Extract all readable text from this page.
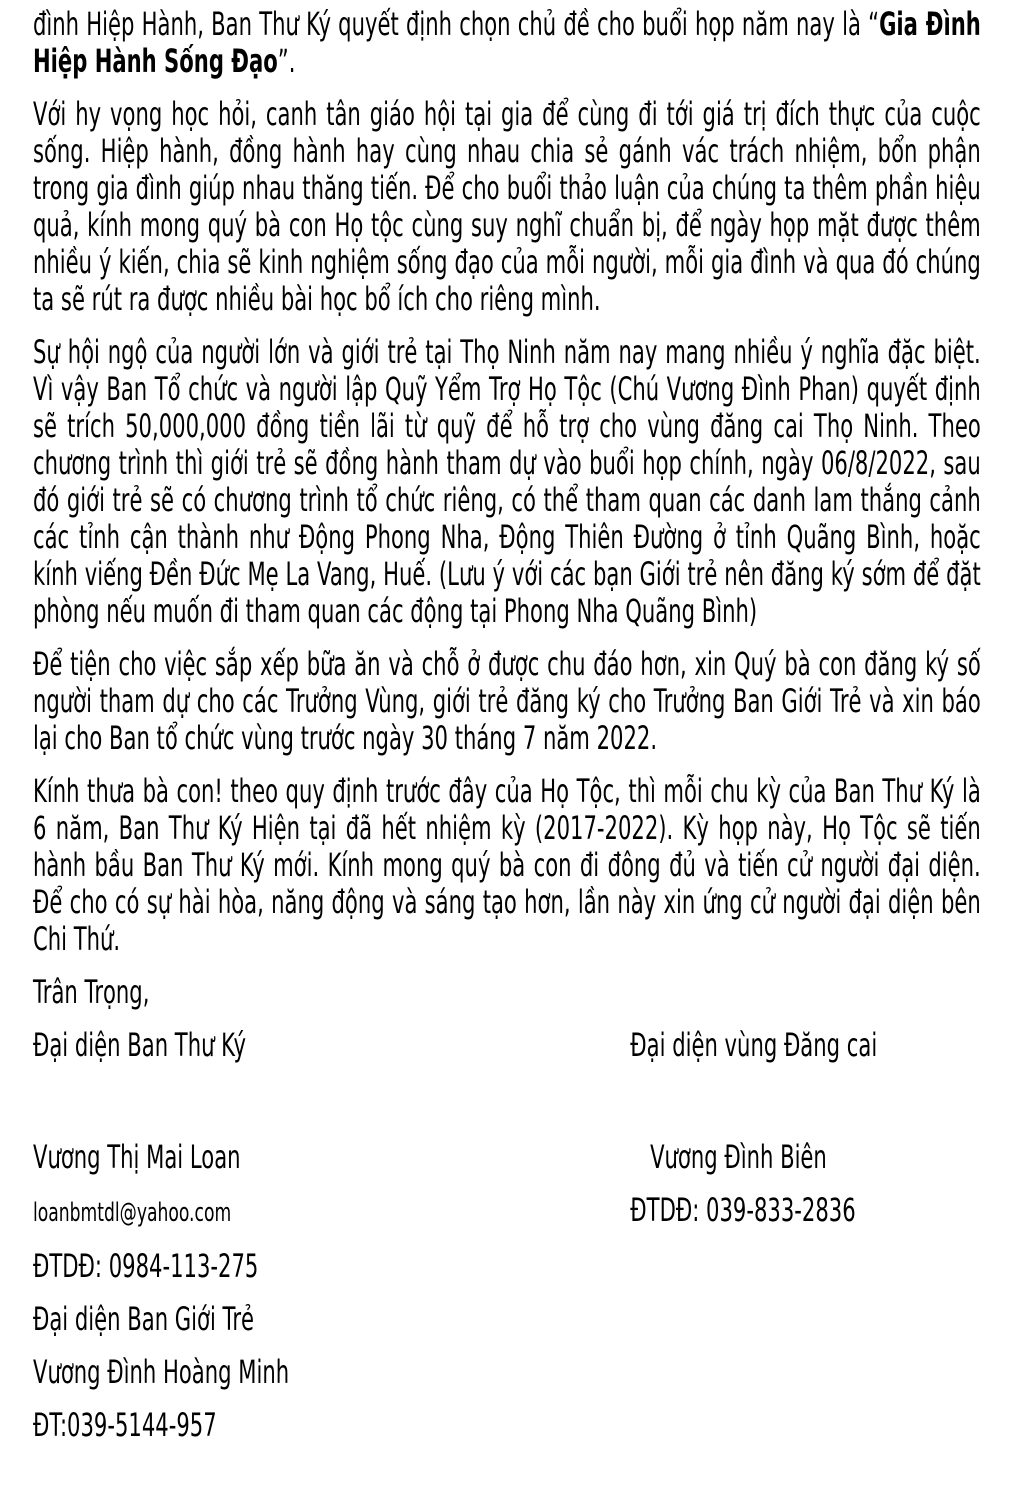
đình Hiệp Hành, Ban Thư Ký quyết định chọn chủ đề cho buổi họp năm nay là “Gia Đình Hiệp Hành Sống Đạo”.

Với hy vọng học hỏi, canh tân giáo hội tại gia để cùng đi tới giá trị đích thực của cuộc sống. Hiệp hành, đồng hành hay cùng nhau chia sẻ gánh vác trách nhiệm, bổn phận trong gia đình giúp nhau thăng tiến. Để cho buổi thảo luận của chúng ta thêm phần hiệu quả, kính mong quý bà con Họ tộc cùng suy nghĩ chuẩn bị, để ngày họp mặt được thêm nhiều ý kiến, chia sẽ kinh nghiệm sống đạo của mỗi người, mỗi gia đình và qua đó chúng ta sẽ rút ra được nhiều bài học bổ ích cho riêng mình.

Sự hội ngộ của người lớn và giới trẻ tại Thọ Ninh năm nay mang nhiều ý nghĩa đặc biệt. Vì vậy Ban Tổ chức và người lập Quỹ Yểm Trợ Họ Tộc (Chú Vương Đình Phan) quyết định sẽ trích 50,000,000 đồng tiền lãi từ quỹ để hỗ trợ cho vùng đăng cai Thọ Ninh. Theo chương trình thì giới trẻ sẽ đồng hành tham dự vào buổi họp chính, ngày 06/8/2022, sau đó giới trẻ sẽ có chương trình tổ chức riêng, có thể tham quan các danh lam thắng cảnh các tỉnh cận thành như Động Phong Nha, Động Thiên Đường ở tỉnh Quãng Bình, hoặc kính viếng Đền Đức Mẹ La Vang, Huế. (Lưu ý với các bạn Giới trẻ nên đăng ký sớm để đặt phòng nếu muốn đi tham quan các động tại Phong Nha Quãng Bình)

Để tiện cho việc sắp xếp bữa ăn và chỗ ở được chu đáo hơn, xin Quý bà con đăng ký số người tham dự cho các Trưởng Vùng, giới trẻ đăng ký cho Trưởng Ban Giới Trẻ và xin báo lại cho Ban tổ chức vùng trước ngày 30 tháng 7 năm 2022.

Kính thưa bà con! theo quy định trước đây của Họ Tộc, thì mỗi chu kỳ của Ban Thư Ký là 6 năm, Ban Thư Ký Hiện tại đã hết nhiệm kỳ (2017-2022). Kỳ họp này, Họ Tộc sẽ tiến hành bầu Ban Thư Ký mới. Kính mong quý bà con đi đông đủ và tiến cử người đại diện. Để cho có sự hài hòa, năng động và sáng tạo hơn, lần này xin ứng cử người đại diện bên Chi Thứ.

Trân Trọng,

Đại diện Ban Thư Ký	Đại diện vùng Đăng cai

Vương Thị Mai Loan	Vương Đình Biên

loanbmtdl@yahoo.com	ĐTDĐ: 039-833-2836

ĐTDĐ: 0984-113-275

Đại diện Ban Giới Trẻ

Vương Đình Hoàng Minh

ĐT:039-5144-957
